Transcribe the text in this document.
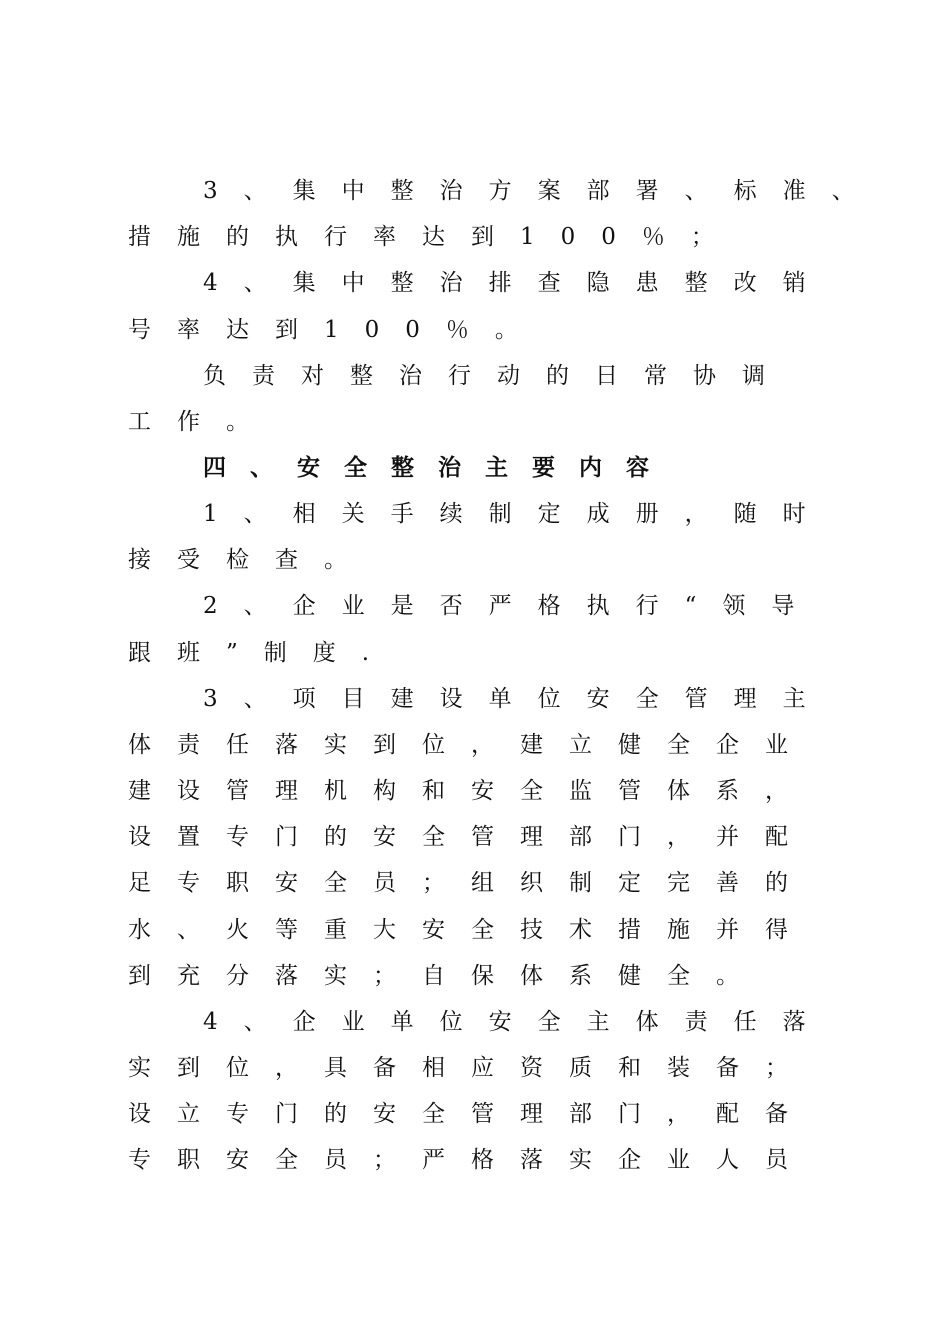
3、集中整治方案部署、标准、
措施的执行率达到100％；
4、集中整治排查隐患整改销
号率达到100％。
负责对整治行动的日常协调
工作。
四、安全整治主要内容
1、相关手续制定成册，随时
接受检查。
2、企业是否严格执行“领导
跟班”制度.
3、项目建设单位安全管理主
体责任落实到位，建立健全企业
建设管理机构和安全监管体系，
设置专门的安全管理部门，并配
足专职安全员；组织制定完善的
水、火等重大安全技术措施并得
到充分落实；自保体系健全。
4、企业单位安全主体责任落
实到位，具备相应资质和装备；
设立专门的安全管理部门，配备
专职安全员；严格落实企业人员
